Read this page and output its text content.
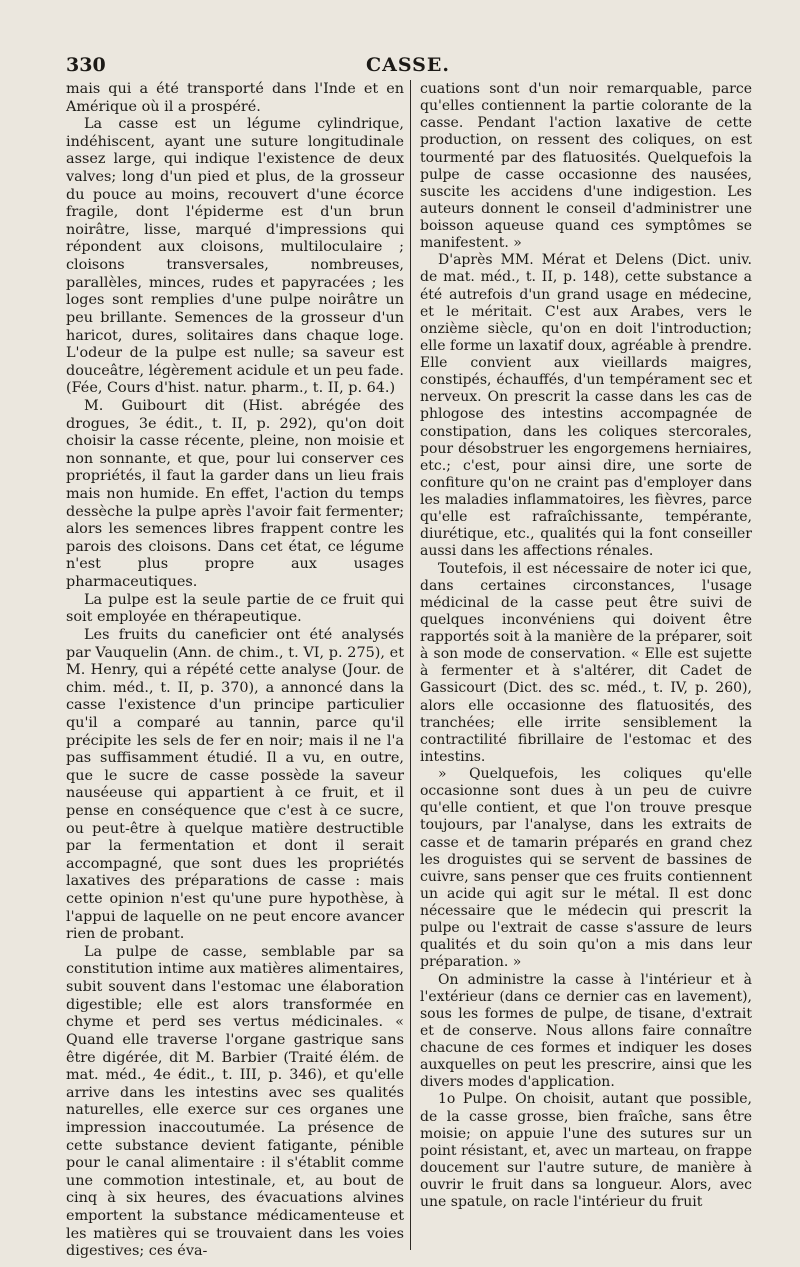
330	CASSE.

mais qui a été transporté dans l'Inde et en Amérique où il a prospéré.

La casse est un légume cylindrique, indéhiscent, ayant une suture longitudinale assez large, qui indique l'existence de deux valves; long d'un pied et plus, de la grosseur du pouce au moins, recouvert d'une écorce fragile, dont l'épiderme est d'un brun noirâtre, lisse, marqué d'impressions qui répondent aux cloisons, multiloculaire ; cloisons transversales, nombreuses, parallèles, minces, rudes et papyracées ; les loges sont remplies d'une pulpe noirâtre un peu brillante. Semences de la grosseur d'un haricot, dures, solitaires dans chaque loge. L'odeur de la pulpe est nulle; sa saveur est douceâtre, légèrement acidule et un peu fade. (Fée, Cours d'hist. natur. pharm., t. II, p. 64.)

M. Guibourt dit (Hist. abrégée des drogues, 3e édit., t. II, p. 292), qu'on doit choisir la casse récente, pleine, non moisie et non sonnante, et que, pour lui conserver ces propriétés, il faut la garder dans un lieu frais mais non humide. En effet, l'action du temps dessèche la pulpe après l'avoir fait fermenter; alors les semences libres frappent contre les parois des cloisons. Dans cet état, ce légume n'est plus propre aux usages pharmaceutiques.

La pulpe est la seule partie de ce fruit qui soit employée en thérapeutique.

Les fruits du caneficier ont été analysés par Vauquelin (Ann. de chim., t. VI, p. 275), et M. Henry, qui a répété cette analyse (Jour. de chim. méd., t. II, p. 370), a annoncé dans la casse l'existence d'un principe particulier qu'il a comparé au tannin, parce qu'il précipite les sels de fer en noir; mais il ne l'a pas suffisamment étudié. Il a vu, en outre, que le sucre de casse possède la saveur nauséeuse qui appartient à ce fruit, et il pense en conséquence que c'est à ce sucre, ou peut-être à quelque matière destructible par la fermentation et dont il serait accompagné, que sont dues les propriétés laxatives des préparations de casse : mais cette opinion n'est qu'une pure hypothèse, à l'appui de laquelle on ne peut encore avancer rien de probant.

La pulpe de casse, semblable par sa constitution intime aux matières alimentaires, subit souvent dans l'estomac une élaboration digestible; elle est alors transformée en chyme et perd ses vertus médicinales. « Quand elle traverse l'organe gastrique sans être digérée, dit M. Barbier (Traité élém. de mat. méd., 4e édit., t. III, p. 346), et qu'elle arrive dans les intestins avec ses qualités naturelles, elle exerce sur ces organes une impression inaccoutumée. La présence de cette substance devient fatigante, pénible pour le canal alimentaire : il s'établit comme une commotion intestinale, et, au bout de cinq à six heures, des évacuations alvines emportent la substance médicamenteuse et les matières qui se trouvaient dans les voies digestives; ces éva-

cuations sont d'un noir remarquable, parce qu'elles contiennent la partie colorante de la casse. Pendant l'action laxative de cette production, on ressent des coliques, on est tourmenté par des flatuosités. Quelquefois la pulpe de casse occasionne des nausées, suscite les accidens d'une indigestion. Les auteurs donnent le conseil d'administrer une boisson aqueuse quand ces symptômes se manifestent. »

D'après MM. Mérat et Delens (Dict. univ. de mat. méd., t. II, p. 148), cette substance a été autrefois d'un grand usage en médecine, et le méritait. C'est aux Arabes, vers le onzième siècle, qu'on en doit l'introduction; elle forme un laxatif doux, agréable à prendre. Elle convient aux vieillards maigres, constipés, échauffés, d'un tempérament sec et nerveux. On prescrit la casse dans les cas de phlogose des intestins accompagnée de constipation, dans les coliques stercorales, pour désobstruer les engorgemens herniaires, etc.; c'est, pour ainsi dire, une sorte de confiture qu'on ne craint pas d'employer dans les maladies inflammatoires, les fièvres, parce qu'elle est rafraîchissante, tempérante, diurétique, etc., qualités qui la font conseiller aussi dans les affections rénales.

Toutefois, il est nécessaire de noter ici que, dans certaines circonstances, l'usage médicinal de la casse peut être suivi de quelques inconvéniens qui doivent être rapportés soit à la manière de la préparer, soit à son mode de conservation. « Elle est sujette à fermenter et à s'altérer, dit Cadet de Gassicourt (Dict. des sc. méd., t. IV, p. 260), alors elle occasionne des flatuosités, des tranchées; elle irrite sensiblement la contractilité fibrillaire de l'estomac et des intestins.

» Quelquefois, les coliques qu'elle occasionne sont dues à un peu de cuivre qu'elle contient, et que l'on trouve presque toujours, par l'analyse, dans les extraits de casse et de tamarin préparés en grand chez les droguistes qui se servent de bassines de cuivre, sans penser que ces fruits contiennent un acide qui agit sur le métal. Il est donc nécessaire que le médecin qui prescrit la pulpe ou l'extrait de casse s'assure de leurs qualités et du soin qu'on a mis dans leur préparation. »

On administre la casse à l'intérieur et à l'extérieur (dans ce dernier cas en lavement), sous les formes de pulpe, de tisane, d'extrait et de conserve. Nous allons faire connaître chacune de ces formes et indiquer les doses auxquelles on peut les prescrire, ainsi que les divers modes d'application.

1o Pulpe. On choisit, autant que possible, de la casse grosse, bien fraîche, sans être moisie; on appuie l'une des sutures sur un point résistant, et, avec un marteau, on frappe doucement sur l'autre suture, de manière à ouvrir le fruit dans sa longueur. Alors, avec une spatule, on racle l'intérieur du fruit
